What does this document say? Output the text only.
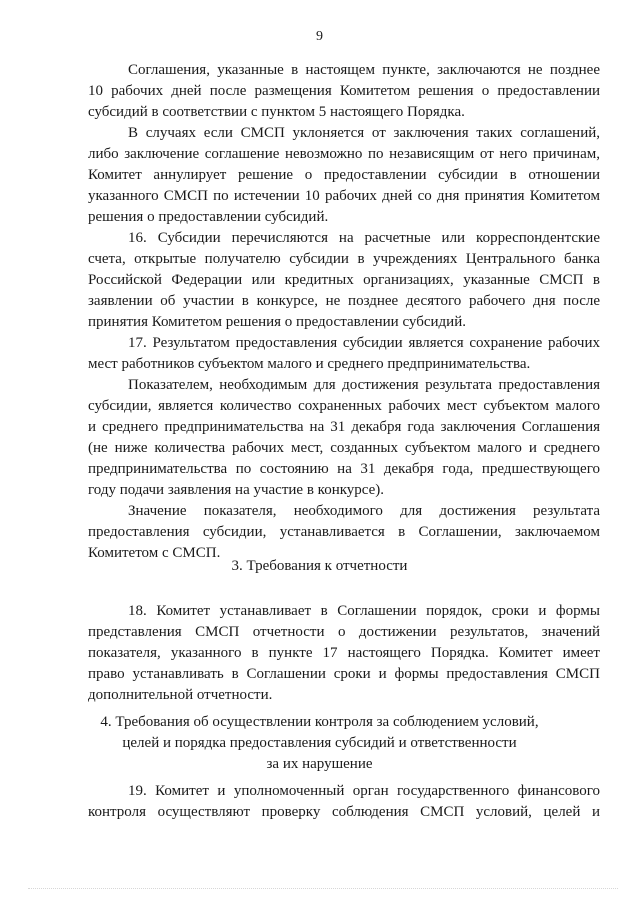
9
Соглашения, указанные в настоящем пункте, заключаются не позднее
10 рабочих дней после размещения Комитетом решения о предоставлении
субсидий в соответствии с пунктом 5 настоящего Порядка.
В случаях если СМСП уклоняется от заключения таких соглашений,
либо заключение соглашение невозможно по независящим от него причинам,
Комитет аннулирует решение о предоставлении субсидии в отношении
указанного СМСП по истечении 10 рабочих дней со дня принятия Комитетом
решения о предоставлении субсидий.
16. Субсидии перечисляются на расчетные или корреспондентские
счета, открытые получателю субсидии в учреждениях Центрального банка
Российской Федерации или кредитных организациях, указанные СМСП в
заявлении об участии в конкурсе, не позднее десятого рабочего дня после
принятия Комитетом решения о предоставлении субсидий.
17. Результатом предоставления субсидии является сохранение рабочих
мест работников субъектом малого и среднего предпринимательства.
Показателем, необходимым для достижения результата предоставления
субсидии, является количество сохраненных рабочих мест субъектом малого
и среднего предпринимательства на 31 декабря года заключения Соглашения
(не ниже количества рабочих мест, созданных субъектом малого и среднего
предпринимательства по состоянию на 31 декабря года, предшествующего
году подачи заявления на участие в конкурсе).
Значение показателя, необходимого для достижения результата
предоставления субсидии, устанавливается в Соглашении, заключаемом
Комитетом с СМСП.
3. Требования к отчетности
18. Комитет устанавливает в Соглашении порядок, сроки и формы
представления СМСП отчетности о достижении результатов, значений
показателя, указанного в пункте 17 настоящего Порядка. Комитет имеет
право устанавливать в Соглашении сроки и формы предоставления СМСП
дополнительной отчетности.
4. Требования об осуществлении контроля за соблюдением условий,
целей и порядка предоставления субсидий и ответственности
за их нарушение
19. Комитет и уполномоченный орган государственного финансового
контроля осуществляют проверку соблюдения СМСП условий, целей и
